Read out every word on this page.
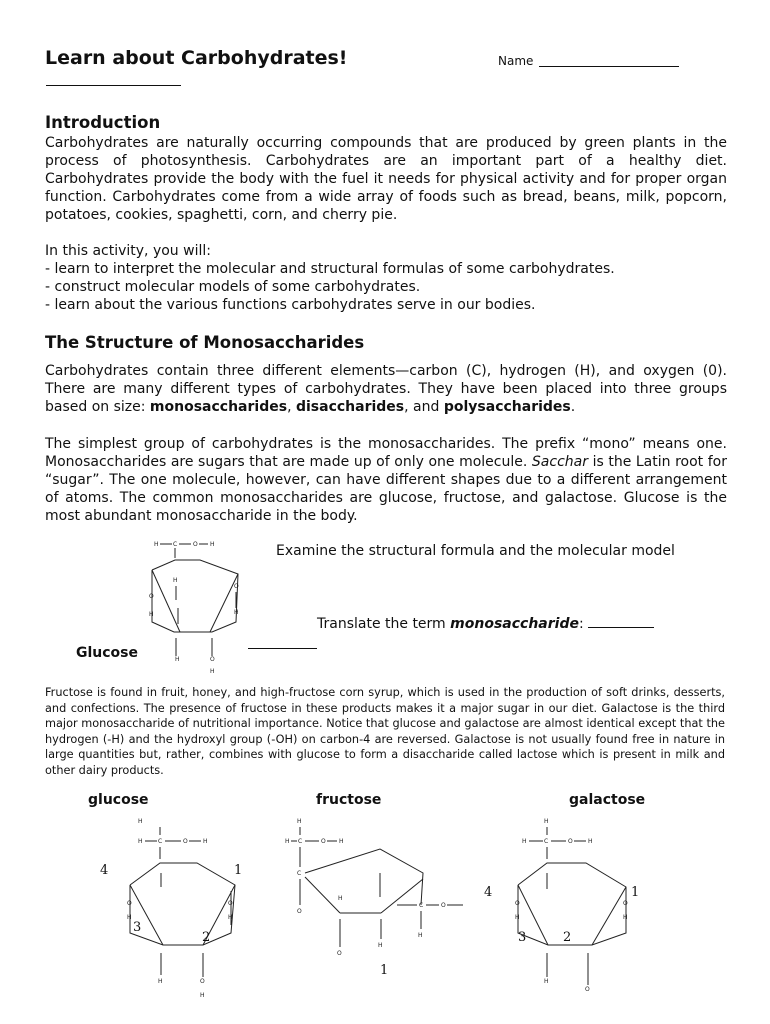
Learn about Carbohydrates!	Name
Introduction

Carbohydrates are naturally occurring compounds that are produced by green plants in the process of photosynthesis. Carbohydrates are an important part of a healthy diet. Carbohydrates provide the body with the fuel it needs for physical activity and for proper organ function. Carbohydrates come from a wide array of foods such as bread, beans, milk, popcorn, potatoes, cookies, spaghetti, corn, and cherry pie.

In this activity, you will:
- learn to interpret the molecular and structural formulas of some carbohydrates.
- construct molecular models of some carbohydrates.
- learn about the various functions carbohydrates serve in our bodies.
The Structure of Monosaccharides

Carbohydrates contain three different elements—carbon (C), hydrogen (H), and oxygen (0). There are many different types of carbohydrates. They have been placed into three groups based on size: monosaccharides, disaccharides, and polysaccharides.

The simplest group of carbohydrates is the monosaccharides. The prefix “mono” means one. Monosaccharides are sugars that are made up of only one molecule. Sacchar is the Latin root for “sugar”. The one molecule, however, can have different shapes due to a different arrangement of atoms. The common monosaccharides are glucose, fructose, and galactose. Glucose is the most abundant monosaccharide in the body.

Examine the structural formula and the molecular model
Translate the term monosaccharide:
Glucose
H C	O H
O
H
H
O
H
H	O
H
Fructose is found in fruit, honey, and high-fructose corn syrup, which is used in the production of soft drinks, desserts, and confections. The presence of fructose in these products makes it a major sugar in our diet. Galactose is the third major monosaccharide of nutritional importance. Notice that glucose and galactose are almost identical except that the hydrogen (-H) and the hydroxyl group (-OH) on carbon-4 are reversed. Galactose is not usually found free in nature in large quantities but, rather, combines with glucose to form a disaccharide called lactose which is present in milk and other dairy products.
glucose	fructose	galactose
H
H	C	O	H
O
H
O
H
H	O
H
4	1
3
2
H
H C	O H
C
O
O
H
C	O
H
H
1
H
H	C	O	H
O
H
O
H
H
O
4	1
3	2
